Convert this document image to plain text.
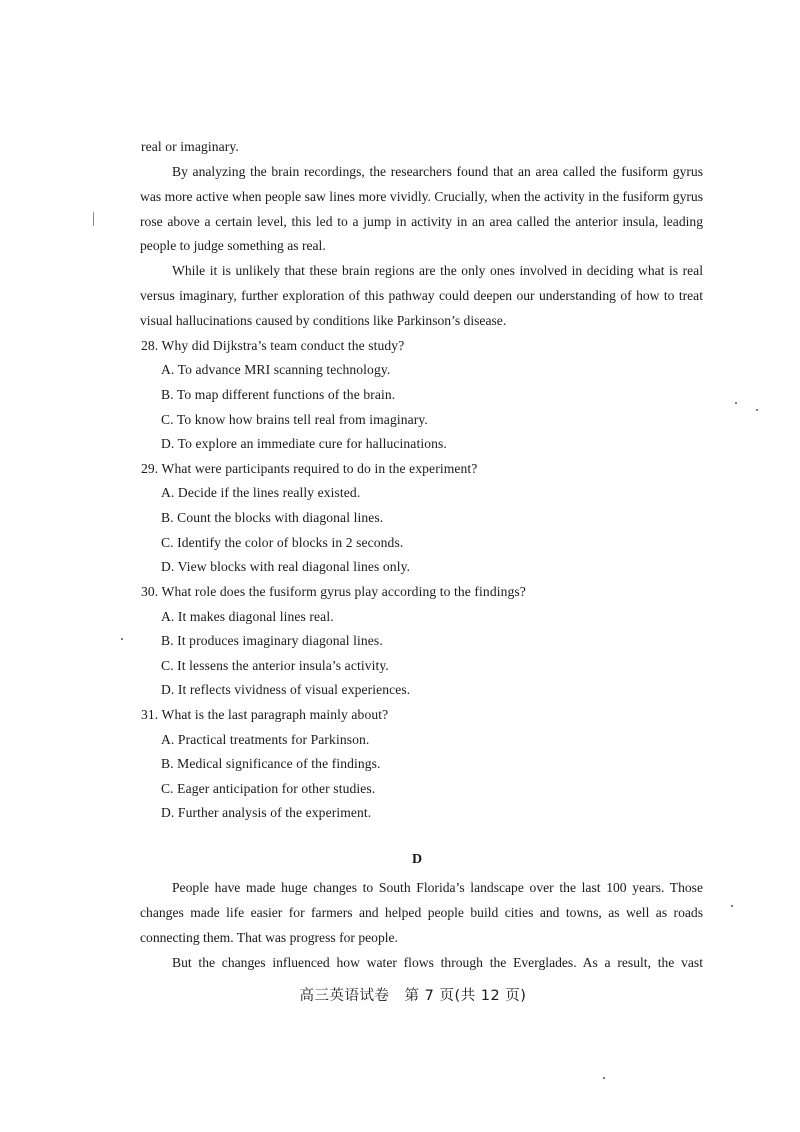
real or imaginary.
By analyzing the brain recordings, the researchers found that an area called the fusiform gyrus was more active when people saw lines more vividly. Crucially, when the activity in the fusiform gyrus rose above a certain level, this led to a jump in activity in an area called the anterior insula, leading people to judge something as real.
While it is unlikely that these brain regions are the only ones involved in deciding what is real versus imaginary, further exploration of this pathway could deepen our understanding of how to treat visual hallucinations caused by conditions like Parkinson’s disease.
28. Why did Dijkstra’s team conduct the study?
A. To advance MRI scanning technology.
B. To map different functions of the brain.
C. To know how brains tell real from imaginary.
D. To explore an immediate cure for hallucinations.
29. What were participants required to do in the experiment?
A. Decide if the lines really existed.
B. Count the blocks with diagonal lines.
C. Identify the color of blocks in 2 seconds.
D. View blocks with real diagonal lines only.
30. What role does the fusiform gyrus play according to the findings?
A. It makes diagonal lines real.
B. It produces imaginary diagonal lines.
C. It lessens the anterior insula’s activity.
D. It reflects vividness of visual experiences.
31. What is the last paragraph mainly about?
A. Practical treatments for Parkinson.
B. Medical significance of the findings.
C. Eager anticipation for other studies.
D. Further analysis of the experiment.
D
People have made huge changes to South Florida’s landscape over the last 100 years. Those changes made life easier for farmers and helped people build cities and towns, as well as roads connecting them. That was progress for people.
But the changes influenced how water flows through the Everglades. As a result, the vast
高三英语试卷　第 7 页(共 12 页)
